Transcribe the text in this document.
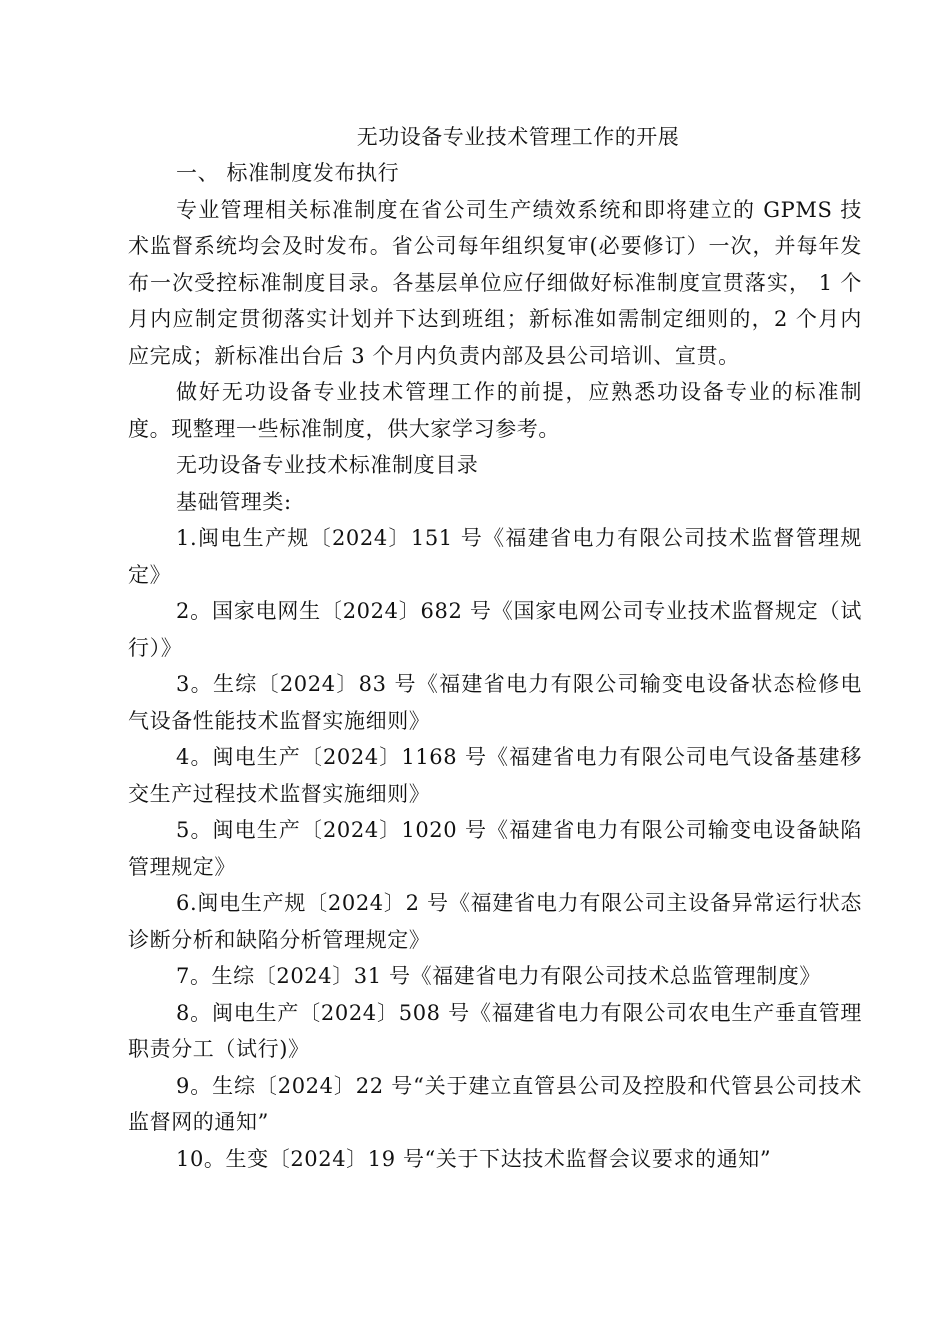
无功设备专业技术管理工作的开展

一、 标准制度发布执行

专业管理相关标准制度在省公司生产绩效系统和即将建立的 GPMS 技术监督系统均会及时发布。省公司每年组织复审(必要修订）一次，并每年发布一次受控标准制度目录。各基层单位应仔细做好标准制度宣贯落实， 1 个月内应制定贯彻落实计划并下达到班组；新标准如需制定细则的，2 个月内应完成；新标准出台后 3 个月内负责内部及县公司培训、宣贯。

做好无功设备专业技术管理工作的前提，应熟悉功设备专业的标准制度。现整理一些标准制度，供大家学习参考。

无功设备专业技术标准制度目录

基础管理类:

1.闽电生产规〔2024〕151 号《福建省电力有限公司技术监督管理规定》

2。国家电网生〔2024〕682 号《国家电网公司专业技术监督规定（试行）》

3。生综〔2024〕83 号《福建省电力有限公司输变电设备状态检修电气设备性能技术监督实施细则》

4。闽电生产〔2024〕1168 号《福建省电力有限公司电气设备基建移交生产过程技术监督实施细则》

5。闽电生产〔2024〕1020 号《福建省电力有限公司输变电设备缺陷管理规定》

6.闽电生产规〔2024〕2 号《福建省电力有限公司主设备异常运行状态诊断分析和缺陷分析管理规定》

7。生综〔2024〕31 号《福建省电力有限公司技术总监管理制度》

8。闽电生产〔2024〕508 号《福建省电力有限公司农电生产垂直管理职责分工（试行)》

9。生综〔2024〕22 号“关于建立直管县公司及控股和代管县公司技术监督网的通知”

10。生变〔2024〕19 号“关于下达技术监督会议要求的通知”
